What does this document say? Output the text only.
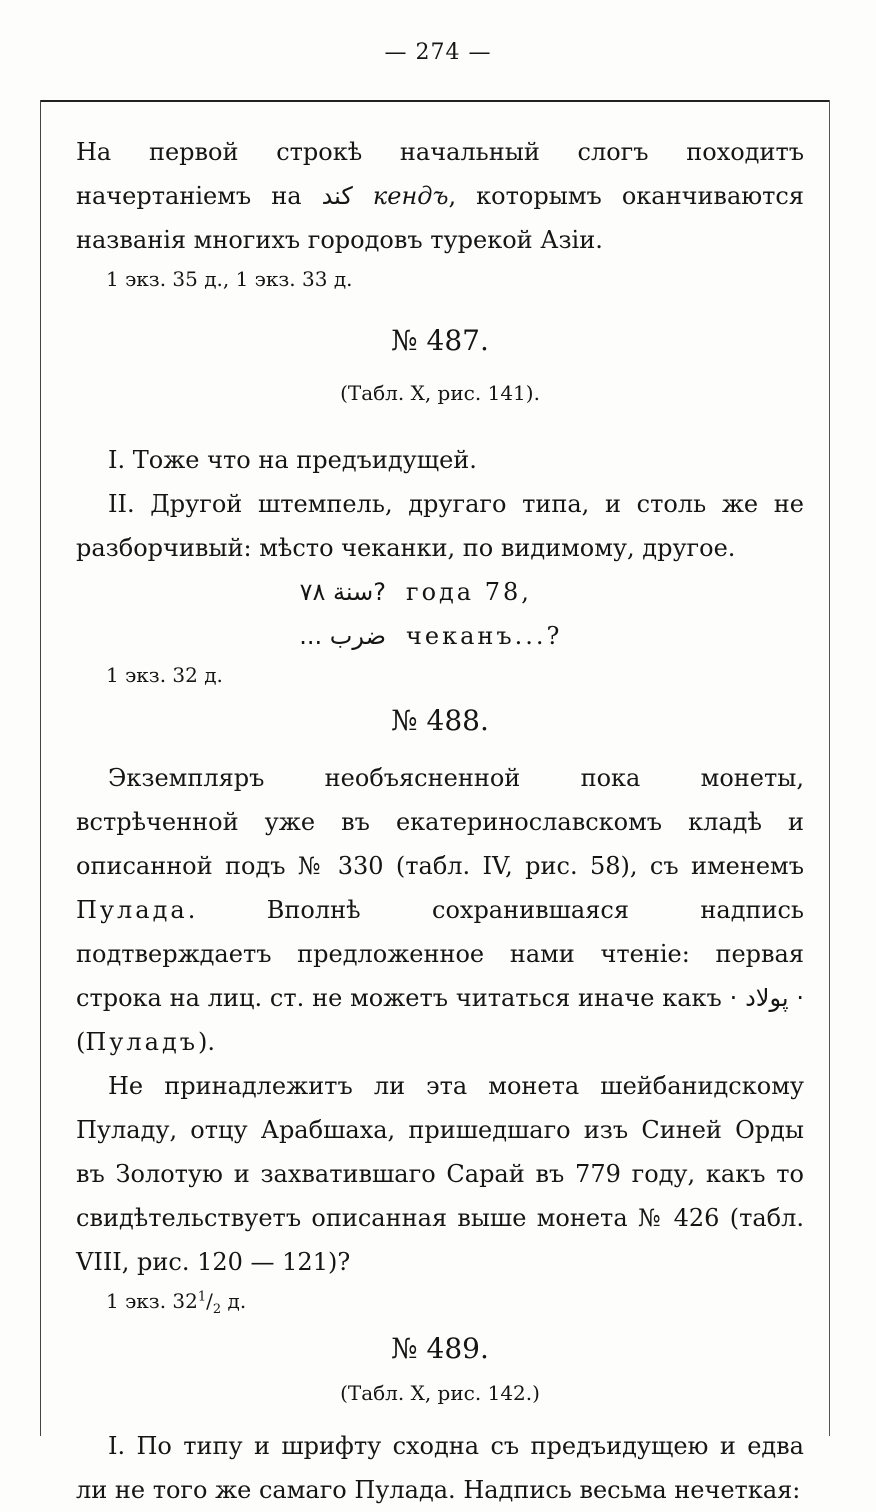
— 274 —

На первой строкѣ начальный слогъ походитъ начертаніемъ на كند кендъ, которымъ оканчиваются названія многихъ городовъ турекой Азіи.

1 экз. 35 д., 1 экз. 33 д.

№ 487.

(Табл. X, рис. 141).

I. Тоже что на предъидущей.

II. Другой штемпель, другаго типа, и столь же не разборчивый: мѣсто чеканки, по видимому, другое.

?سنة ٧٨ года 78,
ضرب ... чеканъ...?

1 экз. 32 д.

№ 488.

Экземпляръ необъясненной пока монеты, встрѣченной уже въ екатеринославскомъ кладѣ и описанной подъ № 330 (табл. IV, рис. 58), съ именемъ Пулада. Вполнѣ сохранившаяся надпись подтверждаетъ предложенное нами чтеніе: первая строка на лиц. ст. не можетъ читаться иначе какъ · پولاد · (Пуладъ).

Не принадлежитъ ли эта монета шейбанидскому Пуладу, отцу Арабшаха, пришедшаго изъ Синей Орды въ Золотую и захватившаго Сарай въ 779 году, какъ то свидѣтельствуетъ описанная выше монета № 426 (табл. VIII, рис. 120 — 121)?

1 экз. $32^1/_2$ д.

№ 489.

(Табл. X, рис. 142.)

I. По типу и шрифту сходна съ предъидущею и едва ли не того же самаго Пулада. Надпись весьма нечеткая:
